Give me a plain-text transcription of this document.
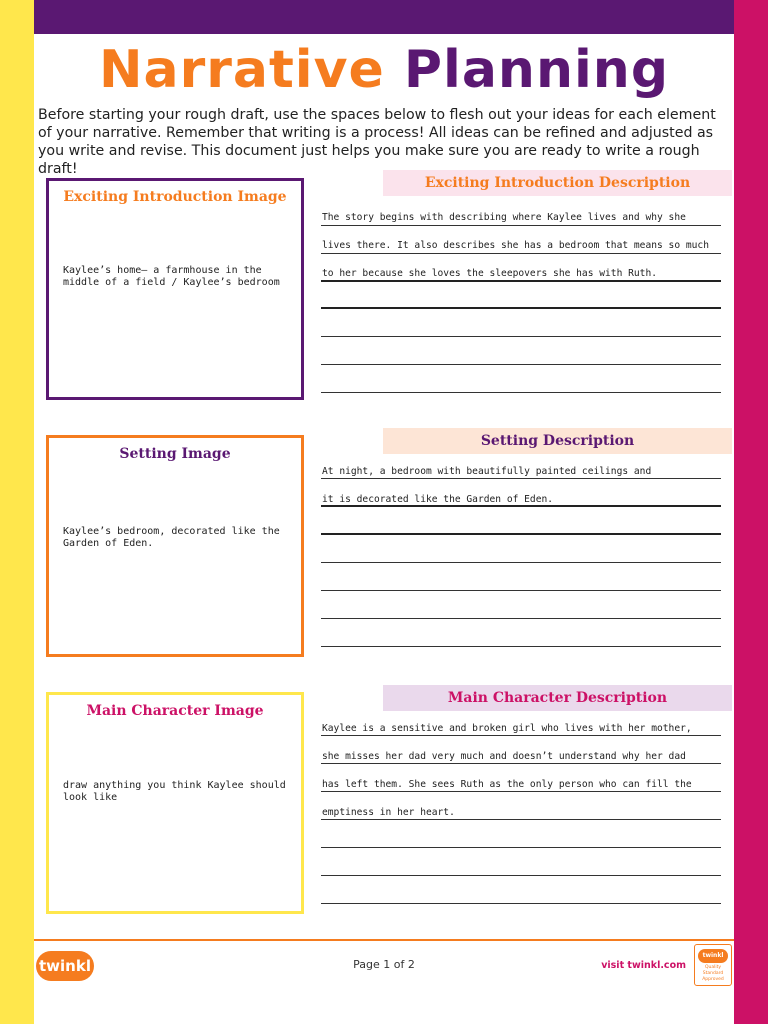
Narrative Planning
Before starting your rough draft, use the spaces below to flesh out your ideas for each element of your narrative. Remember that writing is a process! All ideas can be refined and adjusted as you write and revise. This document just helps you make sure you are ready to write a rough draft!
Exciting Introduction Image
Kaylee’s home– a farmhouse in the middle of a field / Kaylee’s bedroom
Exciting Introduction Description
The story begins with describing where Kaylee lives and why she
lives there. It also describes she has a bedroom that means so much
to her because she loves the sleepovers she has with Ruth.
Setting Image
Kaylee’s bedroom, decorated like the Garden of Eden.
Setting Description
At night, a bedroom with beautifully painted ceilings and
it is decorated like the Garden of Eden.
Main Character Image
draw anything you think Kaylee should look like
Main Character Description
Kaylee is a sensitive and broken girl who lives with her mother,
she misses her dad very much and doesn’t understand why her dad
has left them. She sees Ruth as the only person who can fill the
emptiness in her heart.
twinkl	Page 1 of 2	visit twinkl.com
twinkl
Quality Standard Approved
